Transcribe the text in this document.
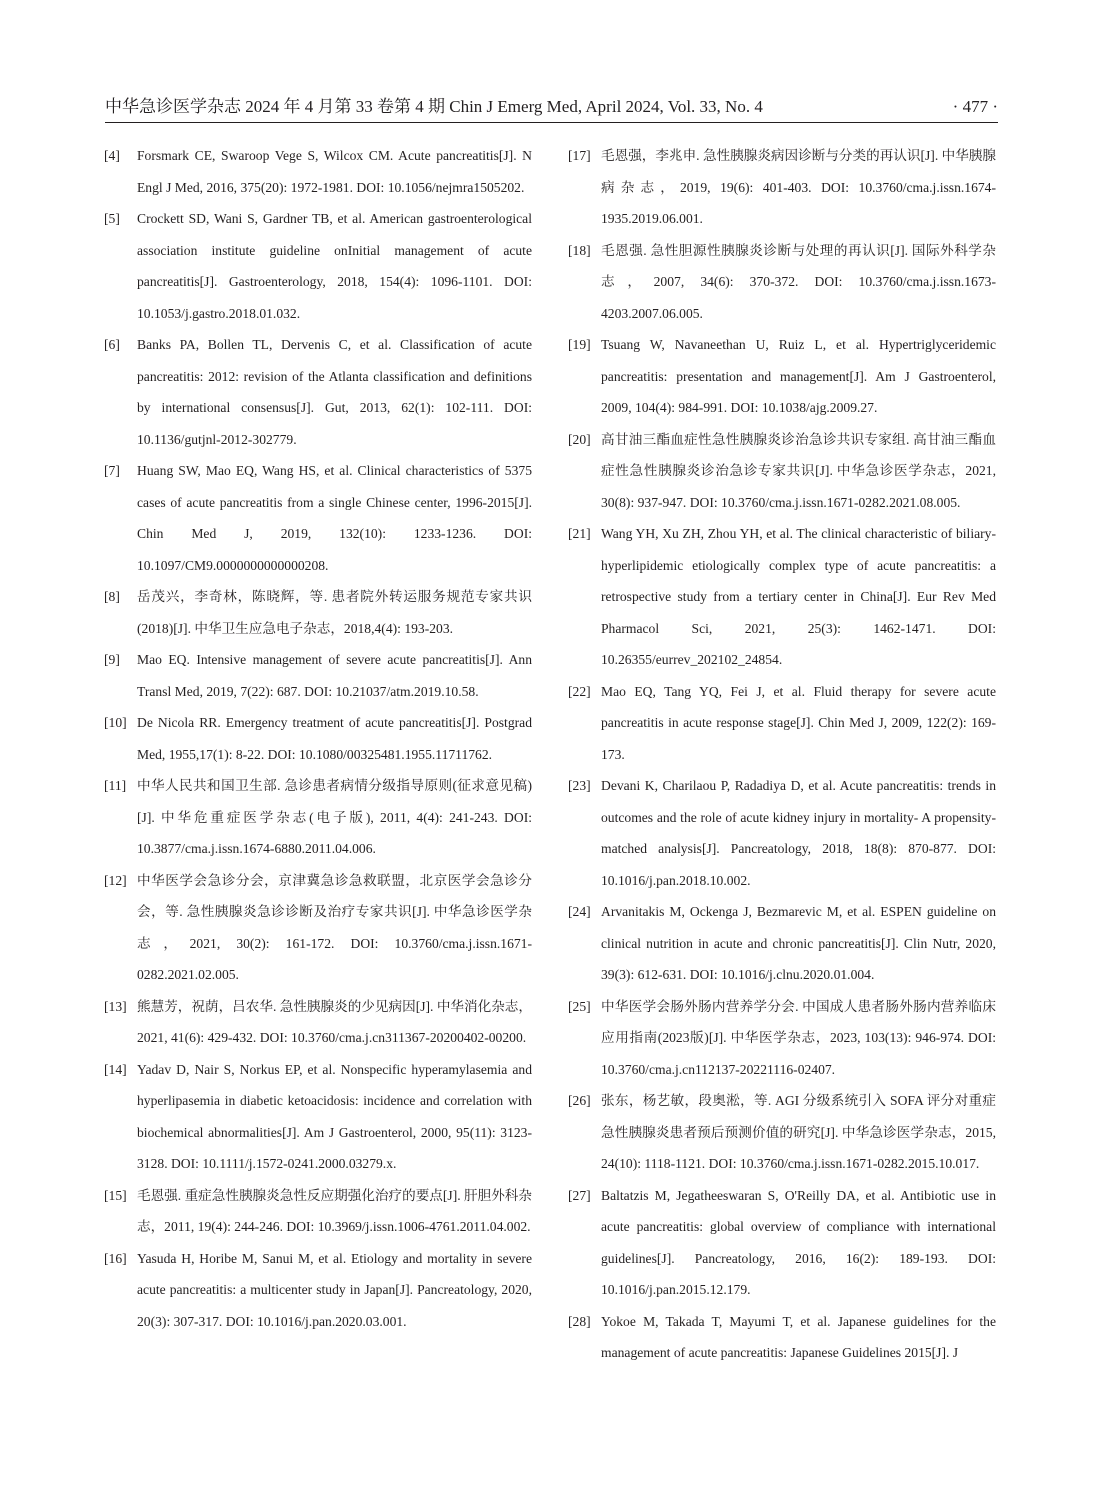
中华急诊医学杂志 2024 年 4 月第 33 卷第 4 期 Chin J Emerg Med, April 2024, Vol. 33, No. 4	· 477 ·
[4] Forsmark CE, Swaroop Vege S, Wilcox CM. Acute pancreatitis[J]. N Engl J Med, 2016, 375(20): 1972-1981. DOI: 10.1056/nejmra1505202.
[5] Crockett SD, Wani S, Gardner TB, et al. American gastroenterological association institute guideline onInitial management of acute pancreatitis[J]. Gastroenterology, 2018, 154(4): 1096-1101. DOI: 10.1053/j.gastro.2018.01.032.
[6] Banks PA, Bollen TL, Dervenis C, et al. Classification of acute pancreatitis: 2012: revision of the Atlanta classification and definitions by international consensus[J]. Gut, 2013, 62(1): 102-111. DOI: 10.1136/gutjnl-2012-302779.
[7] Huang SW, Mao EQ, Wang HS, et al. Clinical characteristics of 5375 cases of acute pancreatitis from a single Chinese center, 1996-2015[J]. Chin Med J, 2019, 132(10): 1233-1236. DOI: 10.1097/CM9.0000000000000208.
[8] 岳茂兴，李奇林，陈晓辉，等. 患者院外转运服务规范专家共识(2018)[J]. 中华卫生应急电子杂志，2018,4(4): 193-203.
[9] Mao EQ. Intensive management of severe acute pancreatitis[J]. Ann Transl Med, 2019, 7(22): 687. DOI: 10.21037/atm.2019.10.58.
[10] De Nicola RR. Emergency treatment of acute pancreatitis[J]. Postgrad Med, 1955,17(1): 8-22. DOI: 10.1080/00325481.1955.11711762.
[11] 中华人民共和国卫生部. 急诊患者病情分级指导原则(征求意见稿)[J]. 中华危重症医学杂志(电子版), 2011, 4(4): 241-243. DOI: 10.3877/cma.j.issn.1674-6880.2011.04.006.
[12] 中华医学会急诊分会，京津冀急诊急救联盟，北京医学会急诊分会，等. 急性胰腺炎急诊诊断及治疗专家共识[J]. 中华急诊医学杂志，2021, 30(2): 161-172. DOI: 10.3760/cma.j.issn.1671-0282.2021.02.005.
[13] 熊慧芳，祝荫，吕农华. 急性胰腺炎的少见病因[J]. 中华消化杂志，2021, 41(6): 429-432. DOI: 10.3760/cma.j.cn311367-20200402-00200.
[14] Yadav D, Nair S, Norkus EP, et al. Nonspecific hyperamylasemia and hyperlipasemia in diabetic ketoacidosis: incidence and correlation with biochemical abnormalities[J]. Am J Gastroenterol, 2000, 95(11): 3123-3128. DOI: 10.1111/j.1572-0241.2000.03279.x.
[15] 毛恩强. 重症急性胰腺炎急性反应期强化治疗的要点[J]. 肝胆外科杂志，2011, 19(4): 244-246. DOI: 10.3969/j.issn.1006-4761.2011.04.002.
[16] Yasuda H, Horibe M, Sanui M, et al. Etiology and mortality in severe acute pancreatitis: a multicenter study in Japan[J]. Pancreatology, 2020, 20(3): 307-317. DOI: 10.1016/j.pan.2020.03.001.
[17] 毛恩强，李兆申. 急性胰腺炎病因诊断与分类的再认识[J]. 中华胰腺病杂志，2019, 19(6): 401-403. DOI: 10.3760/cma.j.issn.1674-1935.2019.06.001.
[18] 毛恩强. 急性胆源性胰腺炎诊断与处理的再认识[J]. 国际外科学杂志，2007, 34(6): 370-372. DOI: 10.3760/cma.j.issn.1673-4203.2007.06.005.
[19] Tsuang W, Navaneethan U, Ruiz L, et al. Hypertriglyceridemic pancreatitis: presentation and management[J]. Am J Gastroenterol, 2009, 104(4): 984-991. DOI: 10.1038/ajg.2009.27.
[20] 高甘油三酯血症性急性胰腺炎诊治急诊共识专家组. 高甘油三酯血症性急性胰腺炎诊治急诊专家共识[J]. 中华急诊医学杂志，2021, 30(8): 937-947. DOI: 10.3760/cma.j.issn.1671-0282.2021.08.005.
[21] Wang YH, Xu ZH, Zhou YH, et al. The clinical characteristic of biliary-hyperlipidemic etiologically complex type of acute pancreatitis: a retrospective study from a tertiary center in China[J]. Eur Rev Med Pharmacol Sci, 2021, 25(3): 1462-1471. DOI: 10.26355/eurrev_202102_24854.
[22] Mao EQ, Tang YQ, Fei J, et al. Fluid therapy for severe acute pancreatitis in acute response stage[J]. Chin Med J, 2009, 122(2): 169-173.
[23] Devani K, Charilaou P, Radadiya D, et al. Acute pancreatitis: trends in outcomes and the role of acute kidney injury in mortality- A propensity-matched analysis[J]. Pancreatology, 2018, 18(8): 870-877. DOI: 10.1016/j.pan.2018.10.002.
[24] Arvanitakis M, Ockenga J, Bezmarevic M, et al. ESPEN guideline on clinical nutrition in acute and chronic pancreatitis[J]. Clin Nutr, 2020, 39(3): 612-631. DOI: 10.1016/j.clnu.2020.01.004.
[25] 中华医学会肠外肠内营养学分会. 中国成人患者肠外肠内营养临床应用指南(2023版)[J]. 中华医学杂志，2023, 103(13): 946-974. DOI: 10.3760/cma.j.cn112137-20221116-02407.
[26] 张东，杨艺敏，段奥淞，等. AGI 分级系统引入 SOFA 评分对重症急性胰腺炎患者预后预测价值的研究[J]. 中华急诊医学杂志，2015, 24(10): 1118-1121. DOI: 10.3760/cma.j.issn.1671-0282.2015.10.017.
[27] Baltatzis M, Jegatheeswaran S, O'Reilly DA, et al. Antibiotic use in acute pancreatitis: global overview of compliance with international guidelines[J]. Pancreatology, 2016, 16(2): 189-193. DOI: 10.1016/j.pan.2015.12.179.
[28] Yokoe M, Takada T, Mayumi T, et al. Japanese guidelines for the management of acute pancreatitis: Japanese Guidelines 2015[J]. J
